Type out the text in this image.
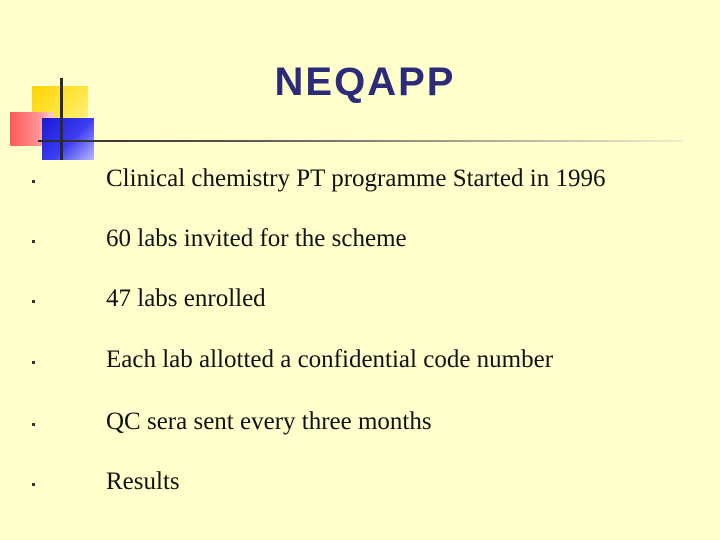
NEQAPP
Clinical chemistry PT programme Started in 1996
60 labs invited for the scheme
47 labs enrolled
Each lab allotted a confidential code number
QC sera sent every three months
Results
